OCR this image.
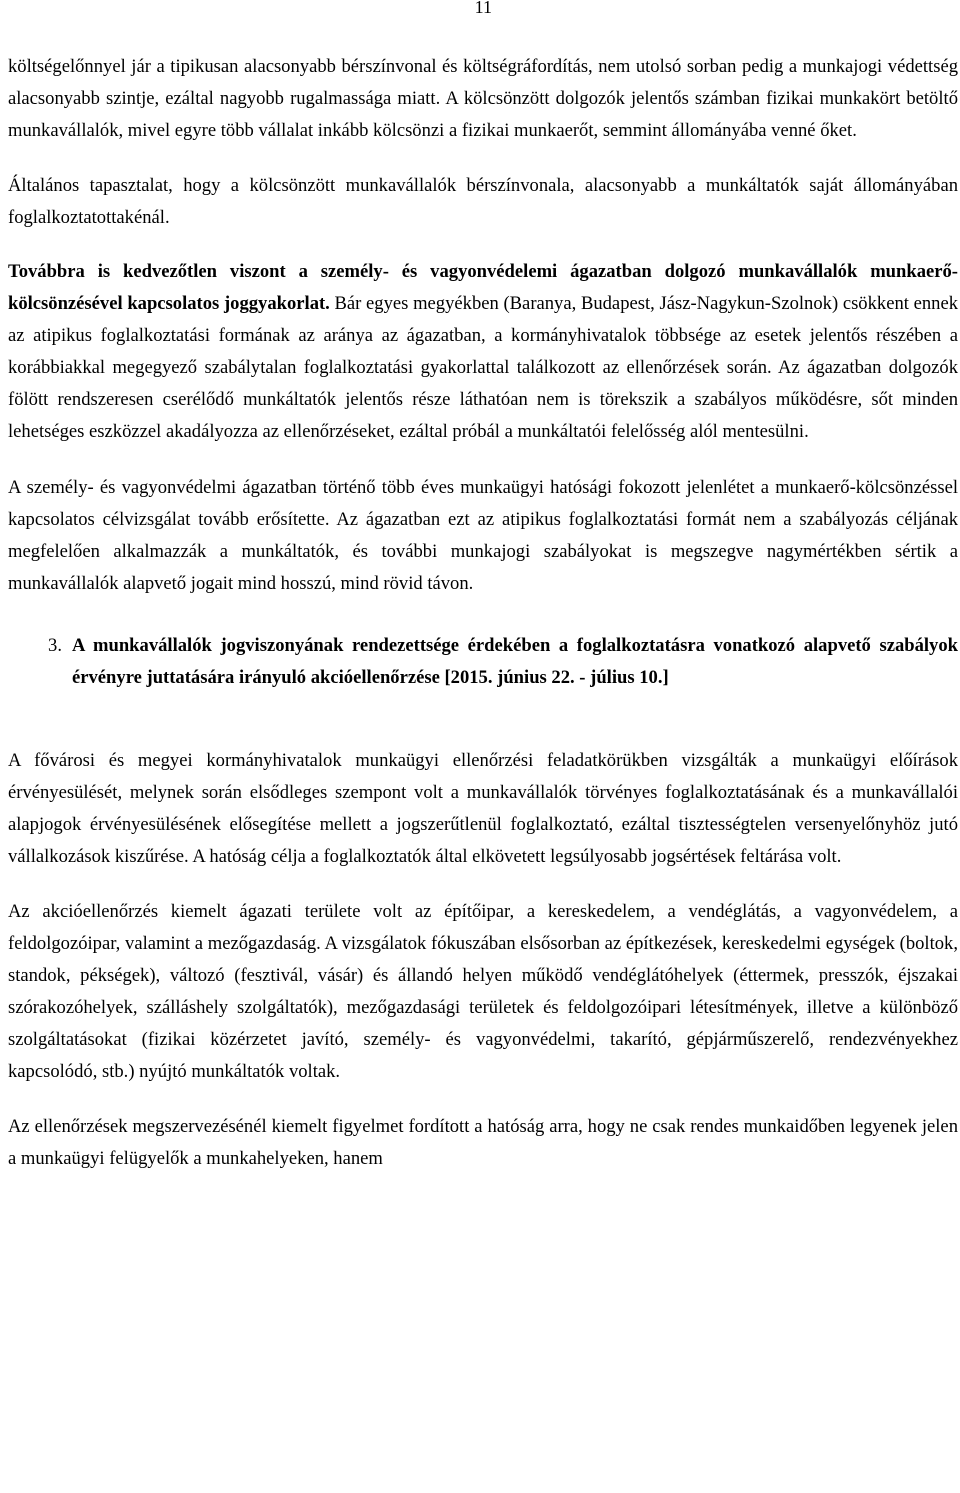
11

költségelőnnyel jár a tipikusan alacsonyabb bérszínvonal és költségráfordítás, nem utolsó sorban pedig a munkajogi védettség alacsonyabb szintje, ezáltal nagyobb rugalmassága miatt. A kölcsönzött dolgozók jelentős számban fizikai munkakört betöltő munkavállalók, mivel egyre több vállalat inkább kölcsönzi a fizikai munkaerőt, semmint állományába venné őket.

Általános tapasztalat, hogy a kölcsönzött munkavállalók bérszínvonala, alacsonyabb a munkáltatók saját állományában foglalkoztatottakénál.

Továbbra is kedvezőtlen viszont a személy- és vagyonvédelemi ágazatban dolgozó munkavállalók munkaerő-kölcsönzésével kapcsolatos joggyakorlat. Bár egyes megyékben (Baranya, Budapest, Jász-Nagykun-Szolnok) csökkent ennek az atipikus foglalkoztatási formának az aránya az ágazatban, a kormányhivatalok többsége az esetek jelentős részében a korábbiakkal megegyező szabálytalan foglalkoztatási gyakorlattal találkozott az ellenőrzések során. Az ágazatban dolgozók fölött rendszeresen cserélődő munkáltatók jelentős része láthatóan nem is törekszik a szabályos működésre, sőt minden lehetséges eszközzel akadályozza az ellenőrzéseket, ezáltal próbál a munkáltatói felelősség alól mentesülni.

A személy- és vagyonvédelmi ágazatban történő több éves munkaügyi hatósági fokozott jelenlétet a munkaerő-kölcsönzéssel kapcsolatos célvizsgálat tovább erősítette. Az ágazatban ezt az atipikus foglalkoztatási formát nem a szabályozás céljának megfelelően alkalmazzák a munkáltatók, és további munkajogi szabályokat is megszegve nagymértékben sértik a munkavállalók alapvető jogait mind hosszú, mind rövid távon.

3. A munkavállalók jogviszonyának rendezettsége érdekében a foglalkoztatásra vonatkozó alapvető szabályok érvényre juttatására irányuló akcióellenőrzése [2015. június 22. - július 10.]

A fővárosi és megyei kormányhivatalok munkaügyi ellenőrzési feladatkörükben vizsgálták a munkaügyi előírások érvényesülését, melynek során elsődleges szempont volt a munkavállalók törvényes foglalkoztatásának és a munkavállalói alapjogok érvényesülésének elősegítése mellett a jogszerűtlenül foglalkoztató, ezáltal tisztességtelen versenyelőnyhöz jutó vállalkozások kiszűrése. A hatóság célja a foglalkoztatók által elkövetett legsúlyosabb jogsértések feltárása volt.

Az akcióellenőrzés kiemelt ágazati területe volt az építőipar, a kereskedelem, a vendéglátás, a vagyonvédelem, a feldolgozóipar, valamint a mezőgazdaság. A vizsgálatok fókuszában elsősorban az építkezések, kereskedelmi egységek (boltok, standok, pékségek), változó (fesztivál, vásár) és állandó helyen működő vendéglátóhelyek (éttermek, presszók, éjszakai szórakozóhelyek, szálláshely szolgáltatók), mezőgazdasági területek és feldolgozóipari létesítmények, illetve a különböző szolgáltatásokat (fizikai közérzetet javító, személy- és vagyonvédelmi, takarító, gépjárműszerelő, rendezvényekhez kapcsolódó, stb.) nyújtó munkáltatók voltak.

Az ellenőrzések megszervezésénél kiemelt figyelmet fordított a hatóság arra, hogy ne csak rendes munkaidőben legyenek jelen a munkaügyi felügyelők a munkahelyeken, hanem
